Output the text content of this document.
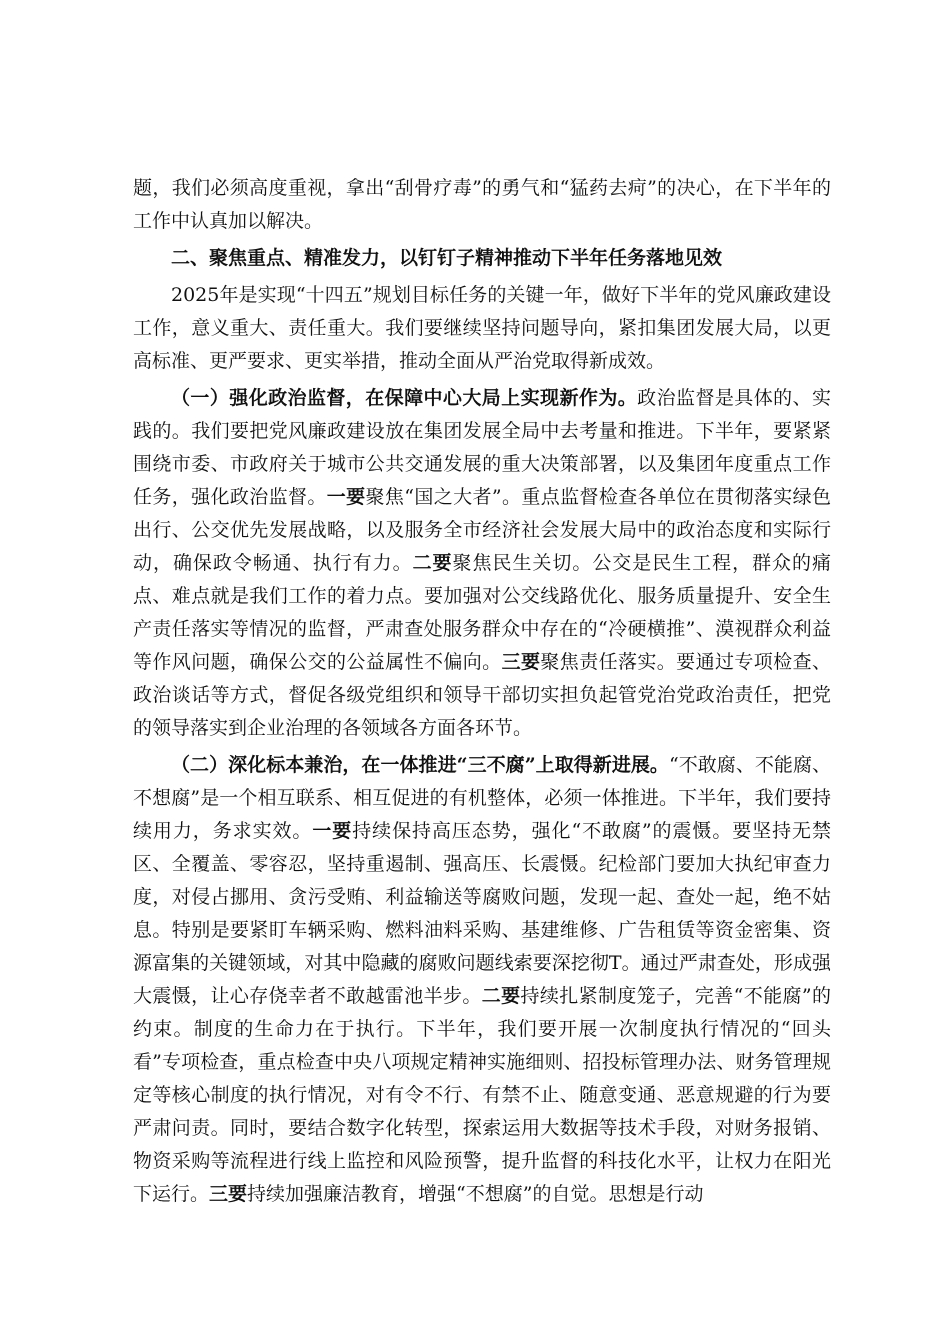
题，我们必须高度重视，拿出“刮骨疗毒”的勇气和“猛药去疴”的决心，在下半年的工作中认真加以解决。

二、聚焦重点、精准发力，以钉钉子精神推动下半年任务落地见效

2025年是实现“十四五”规划目标任务的关键一年，做好下半年的党风廉政建设工作，意义重大、责任重大。我们要继续坚持问题导向，紧扣集团发展大局，以更高标准、更严要求、更实举措，推动全面从严治党取得新成效。

（一）强化政治监督，在保障中心大局上实现新作为。政治监督是具体的、实践的。我们要把党风廉政建设放在集团发展全局中去考量和推进。下半年，要紧紧围绕市委、市政府关于城市公共交通发展的重大决策部署，以及集团年度重点工作任务，强化政治监督。一要聚焦“国之大者”。重点监督检查各单位在贯彻落实绿色出行、公交优先发展战略，以及服务全市经济社会发展大局中的政治态度和实际行动，确保政令畅通、执行有力。二要聚焦民生关切。公交是民生工程，群众的痛点、难点就是我们工作的着力点。要加强对公交线路优化、服务质量提升、安全生产责任落实等情况的监督，严肃查处服务群众中存在的“冷硬横推”、漠视群众利益等作风问题，确保公交的公益属性不偏向。三要聚焦责任落实。要通过专项检查、政治谈话等方式，督促各级党组织和领导干部切实担负起管党治党政治责任，把党的领导落实到企业治理的各领域各方面各环节。

（二）深化标本兼治，在一体推进“三不腐”上取得新进展。“不敢腐、不能腐、不想腐”是一个相互联系、相互促进的有机整体，必须一体推进。下半年，我们要持续用力，务求实效。一要持续保持高压态势，强化“不敢腐”的震慑。要坚持无禁区、全覆盖、零容忍，坚持重遏制、强高压、长震慑。纪检部门要加大执纪审查力度，对侵占挪用、贪污受贿、利益输送等腐败问题，发现一起、查处一起，绝不姑息。特别是要紧盯车辆采购、燃料油料采购、基建维修、广告租赁等资金密集、资源富集的关键领域，对其中隐藏的腐败问题线索要深挖彻T。通过严肃查处，形成强大震慑，让心存侥幸者不敢越雷池半步。二要持续扎紧制度笼子，完善“不能腐”的约束。制度的生命力在于执行。下半年，我们要开展一次制度执行情况的“回头看”专项检查，重点检查中央八项规定精神实施细则、招投标管理办法、财务管理规定等核心制度的执行情况，对有令不行、有禁不止、随意变通、恶意规避的行为要严肃问责。同时，要结合数字化转型，探索运用大数据等技术手段，对财务报销、物资采购等流程进行线上监控和风险预警，提升监督的科技化水平，让权力在阳光下运行。三要持续加强廉洁教育，增强“不想腐”的自觉。思想是行动
